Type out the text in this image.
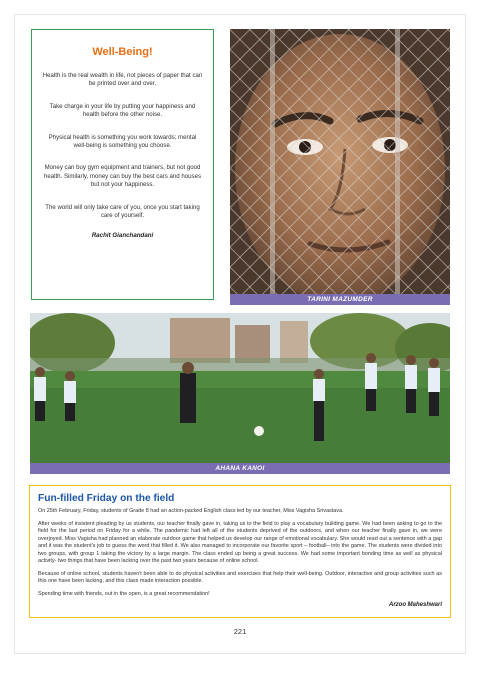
Well-Being!

Health is the real wealth in life, not pieces of paper that can be printed over and over.

Take charge in your life by putting your happiness and health before the other noise.

Physical health is something you work towards; mental well-being is something you choose.

Money can buy gym equipment and trainers, but not good health. Similarly, money can buy the best cars and houses but not your happiness.

The world will only take care of you, once you start taking care of yourself.

Rachit Gianchandani
TARINI MAZUMDER
AHANA KANOI
Fun-filled Friday on the field

On 25th February, Friday, students of Grade 8 had an action-packed English class led by our teacher, Miss Vagisha Srivastava.

After weeks of insistent pleading by us students, our teacher finally gave in, taking us to the field to play a vocabulary building game. We had been asking to go to the field for the last period on Friday for a while. The pandemic had left all of the students deprived of the outdoors, and when our teacher finally gave in, we were overjoyed. Miss Vagisha had planned an elaborate outdoor game that helped us develop our range of emotional vocabulary. She would read out a sentence with a gap and it was the student's job to guess the word that filled it. We also managed to incorporate our favorite sport – football– into the game. The students were divided into two groups, with group 1 taking the victory by a large margin. The class ended up being a great success. We had some important bonding time as well as physical activity- two things that have been lacking over the past two years because of online school.

Because of online school, students haven't been able to do physical activities and exercises that help their well-being. Outdoor, interactive and group activities such as this one have been lacking, and this class made interaction possible.

Spending time with friends, out in the open, is a great recommendation!

Arzoo Maheshwari
221
